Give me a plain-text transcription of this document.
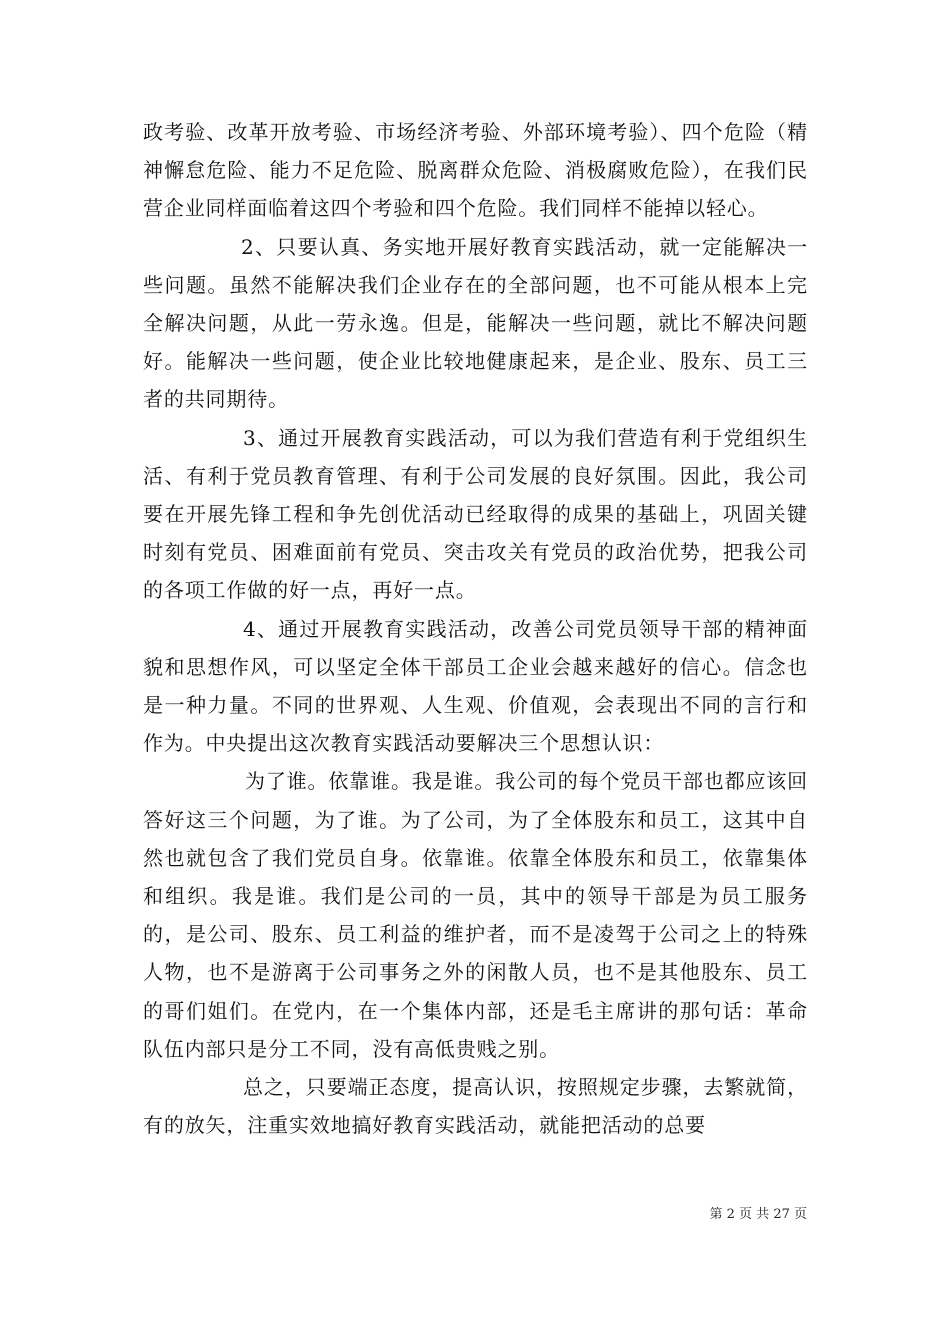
政考验、改革开放考验、市场经济考验、外部环境考验）、四个危险（精神懈怠危险、能力不足危险、脱离群众危险、消极腐败危险），在我们民营企业同样面临着这四个考验和四个危险。我们同样不能掉以轻心。

2、只要认真、务实地开展好教育实践活动，就一定能解决一些问题。虽然不能解决我们企业存在的全部问题，也不可能从根本上完全解决问题，从此一劳永逸。但是，能解决一些问题，就比不解决问题好。能解决一些问题，使企业比较地健康起来，是企业、股东、员工三者的共同期待。

3、通过开展教育实践活动，可以为我们营造有利于党组织生活、有利于党员教育管理、有利于公司发展的良好氛围。因此，我公司要在开展先锋工程和争先创优活动已经取得的成果的基础上，巩固关键时刻有党员、困难面前有党员、突击攻关有党员的政治优势，把我公司的各项工作做的好一点，再好一点。

4、通过开展教育实践活动，改善公司党员领导干部的精神面貌和思想作风，可以坚定全体干部员工企业会越来越好的信心。信念也是一种力量。不同的世界观、人生观、价值观，会表现出不同的言行和作为。中央提出这次教育实践活动要解决三个思想认识：

为了谁。依靠谁。我是谁。我公司的每个党员干部也都应该回答好这三个问题，为了谁。为了公司，为了全体股东和员工，这其中自然也就包含了我们党员自身。依靠谁。依靠全体股东和员工，依靠集体和组织。我是谁。我们是公司的一员，其中的领导干部是为员工服务的，是公司、股东、员工利益的维护者，而不是凌驾于公司之上的特殊人物，也不是游离于公司事务之外的闲散人员，也不是其他股东、员工的哥们姐们。在党内，在一个集体内部，还是毛主席讲的那句话：革命队伍内部只是分工不同，没有高低贵贱之别。

总之，只要端正态度，提高认识，按照规定步骤，去繁就简，有的放矢，注重实效地搞好教育实践活动，就能把活动的总要

第 2 页 共 27 页
